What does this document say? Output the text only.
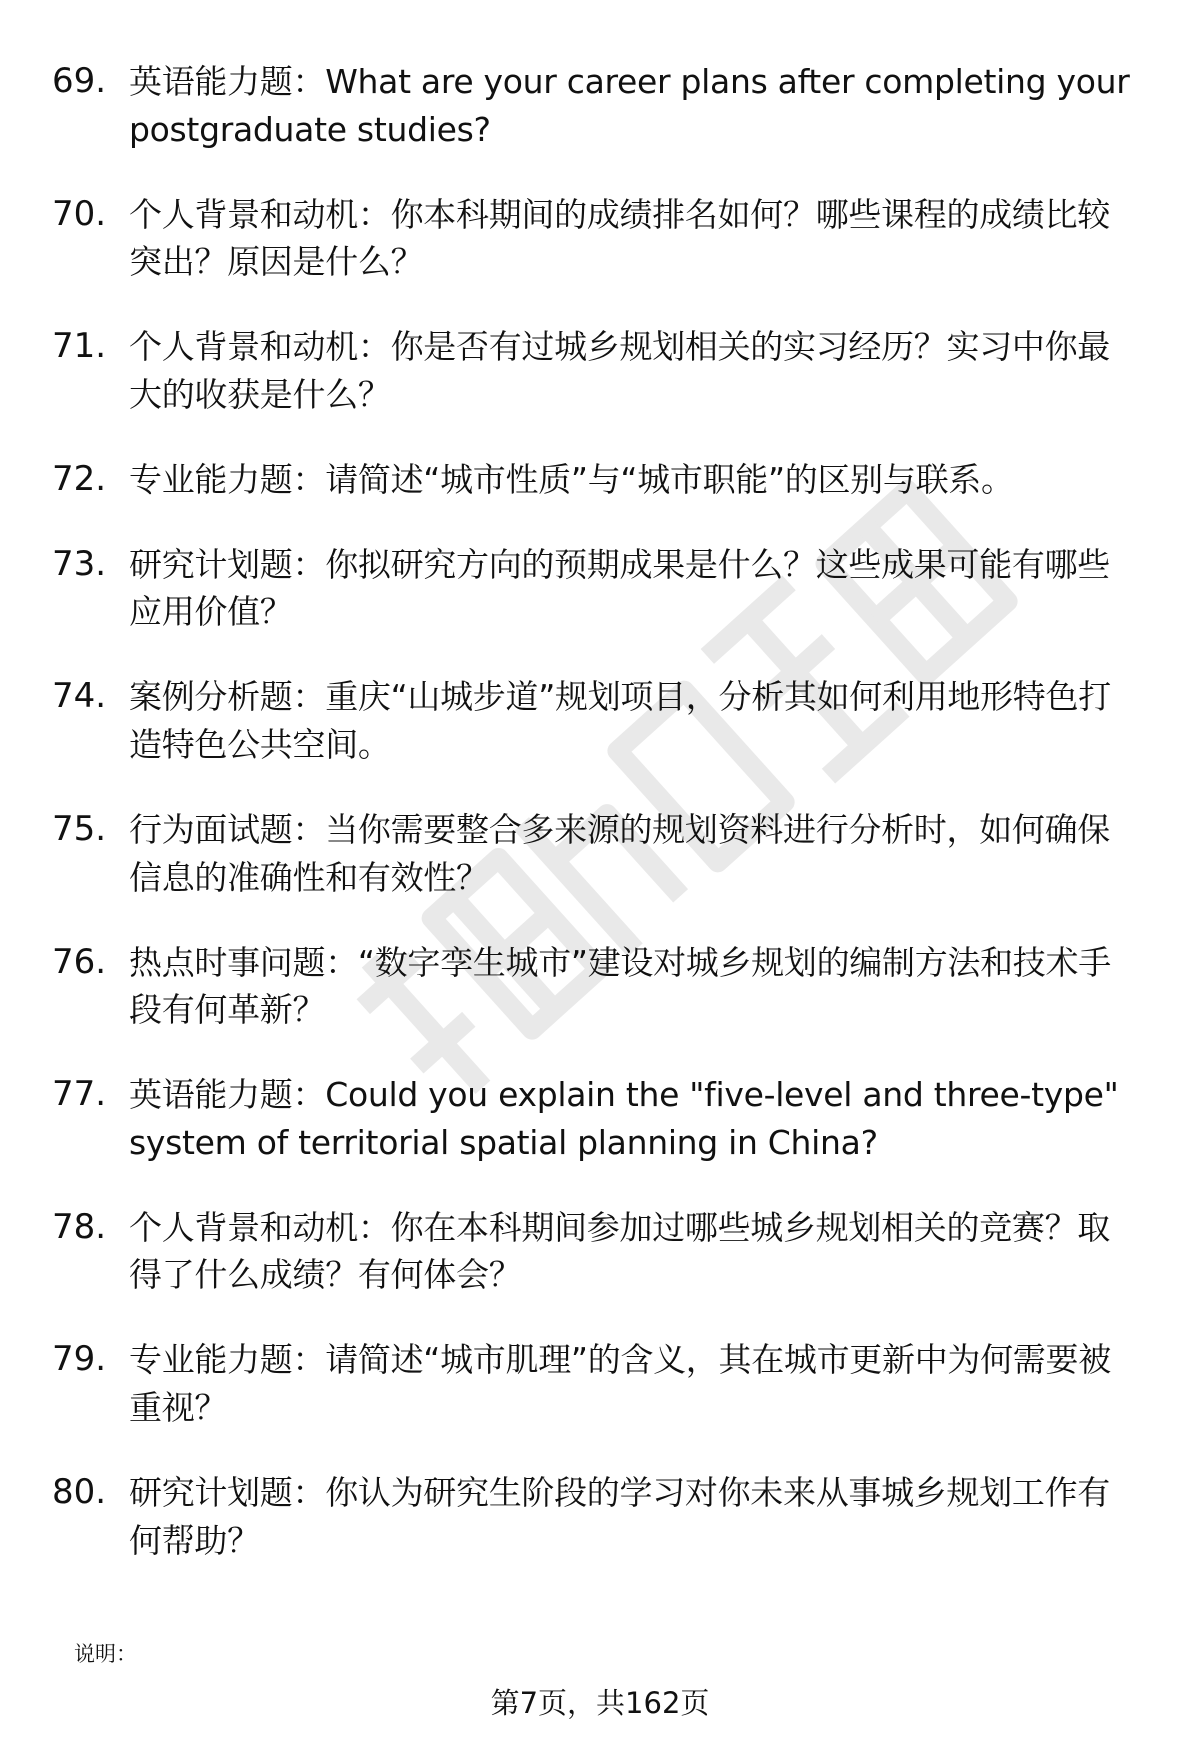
69. 英语能力题：What are your career plans after completing your postgraduate studies?
70. 个人背景和动机：你本科期间的成绩排名如何？哪些课程的成绩比较突出？原因是什么？
71. 个人背景和动机：你是否有过城乡规划相关的实习经历？实习中你最大的收获是什么？
72. 专业能力题：请简述“城市性质”与“城市职能”的区别与联系。
73. 研究计划题：你拟研究方向的预期成果是什么？这些成果可能有哪些应用价值？
74. 案例分析题：重庆“山城步道”规划项目，分析其如何利用地形特色打造特色公共空间。
75. 行为面试题：当你需要整合多来源的规划资料进行分析时，如何确保信息的准确性和有效性？
76. 热点时事问题：“数字孪生城市”建设对城乡规划的编制方法和技术手段有何革新？
77. 英语能力题：Could you explain the "five-level and three-type" system of territorial spatial planning in China?
78. 个人背景和动机：你在本科期间参加过哪些城乡规划相关的竞赛？取得了什么成绩？有何体会？
79. 专业能力题：请简述“城市肌理”的含义，其在城市更新中为何需要被重视？
80. 研究计划题：你认为研究生阶段的学习对你未来从事城乡规划工作有何帮助？
说明：
第7页，共162页
